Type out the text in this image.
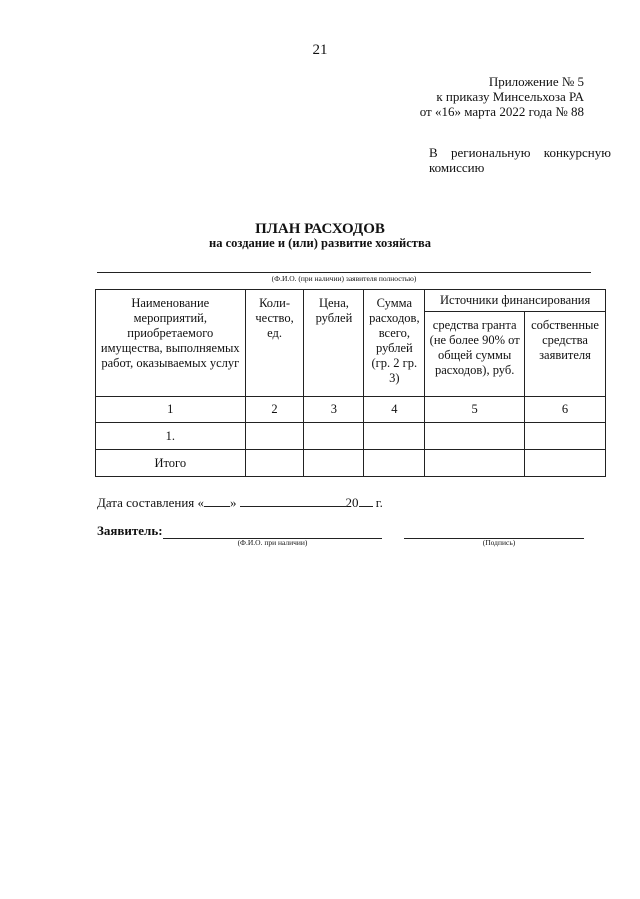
21
Приложение № 5
к приказу Минсельхоза РА
от «16» марта 2022 года № 88
В региональную конкурсную
комиссию
ПЛАН РАСХОДОВ
на создание и (или) развитие хозяйства
(Ф.И.О. (при наличии) заявителя полностью)
Наименование мероприятий, приобретаемого имущества, выполняемых работ, оказываемых услуг	Коли-чество, ед.	Цена, рублей	Сумма расходов, всего, рублей (гр. 2 гр. 3)	Источники финансирования	
				средства гранта (не более 90% от общей суммы расходов), руб.	собственные средства заявителя
1	2	3	4	5	6
1.					
Итого					
Дата составления « »	20 г.
Заявитель:
(Ф.И.О. при наличии)	(Подпись)
